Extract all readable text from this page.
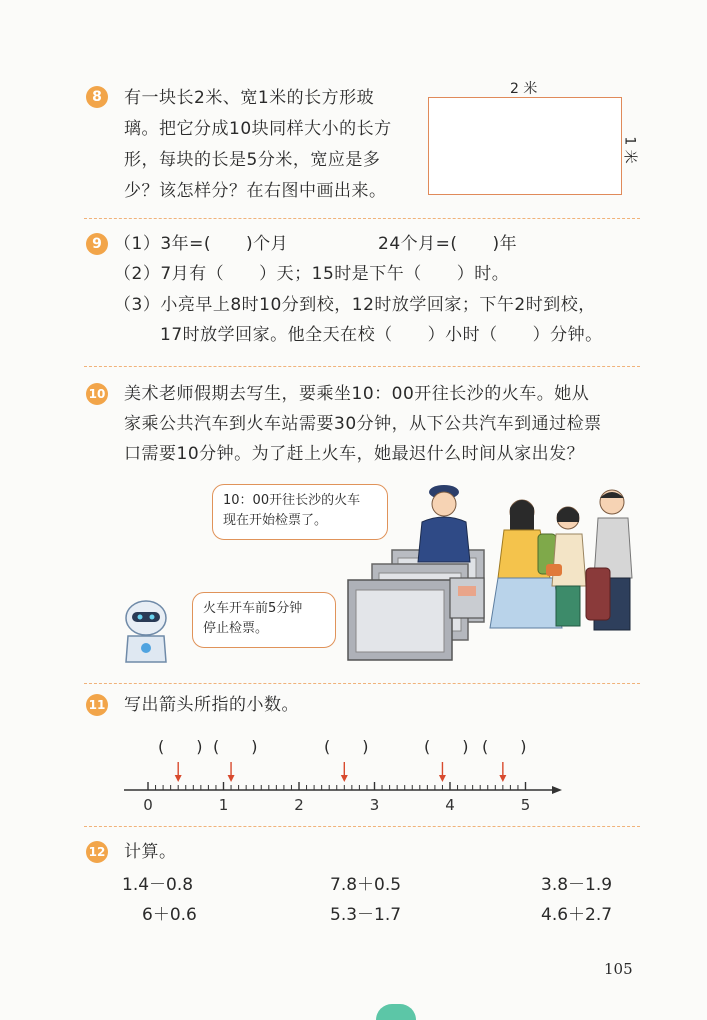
8	有一块长2米、宽1米的长方形玻
璃。把它分成10块同样大小的长方
形，每块的长是5分米，宽应是多
少？该怎样分？在右图中画出来。
2 米
1 米
9 （1）3年=(　　)个月	24个月=(　　)年
（2）7月有（　　）天；15时是下午（　　）时。
（3）小亮早上8时10分到校，12时放学回家；下午2时到校，
17时放学回家。他全天在校（　　）小时（　　）分钟。
10 美术老师假期去写生，要乘坐10：00开往长沙的火车。她从
家乘公共汽车到火车站需要30分钟，从下公共汽车到通过检票
口需要10分钟。为了赶上火车，她最迟什么时间从家出发？
10：00开往长沙的火车
现在开始检票了。
火车开车前5分钟
停止检票。
11 写出箭头所指的小数。
(　　) (　　)	(　　)	(　　) (　　)
0	1	2	3	4	5
12 计算。
1.4－0.8	7.8＋0.5	3.8－1.9
6＋0.6	5.3－1.7	4.6＋2.7
105
